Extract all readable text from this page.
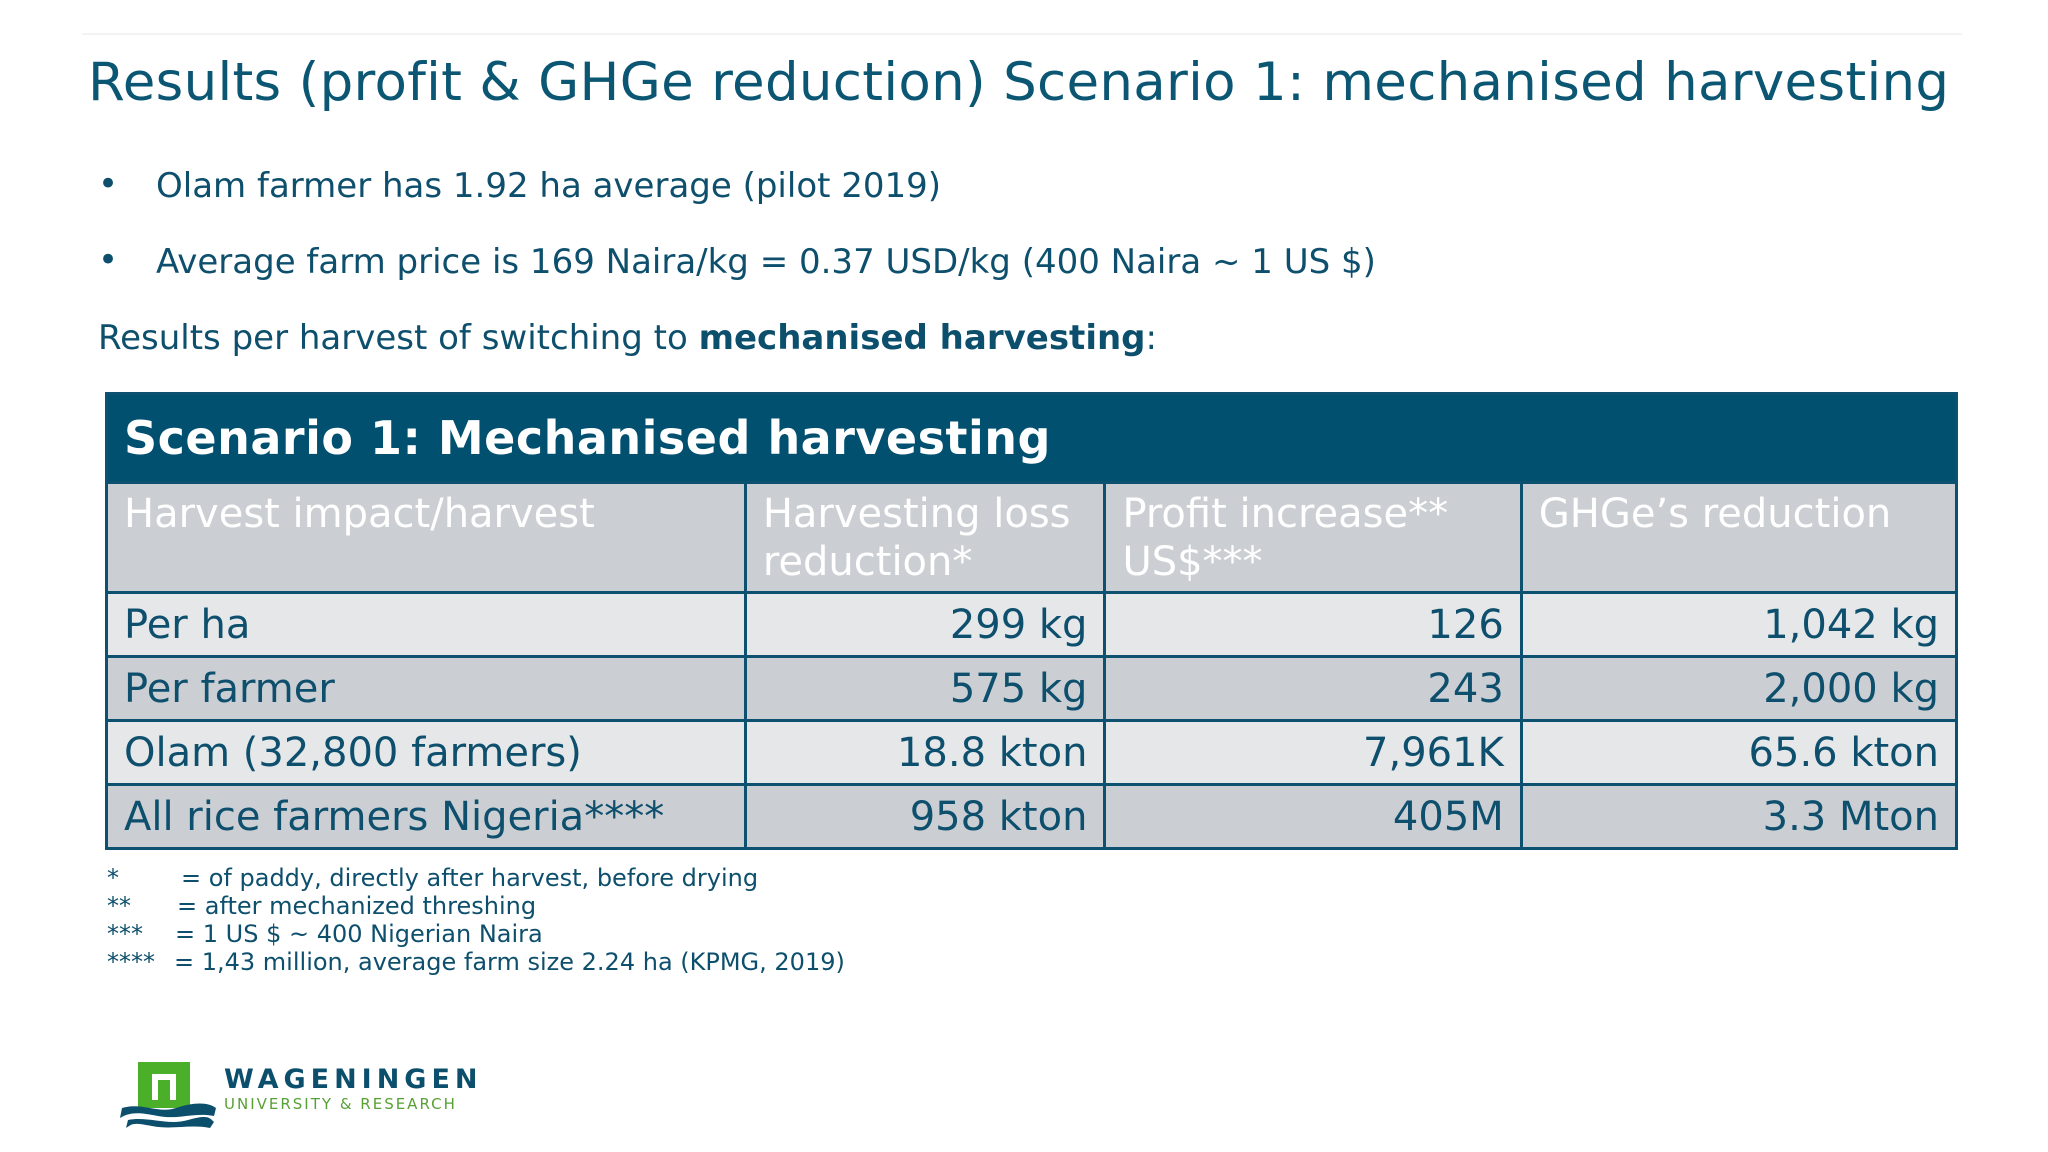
Results (profit & GHGe reduction) Scenario 1: mechanised harvesting
• Olam farmer has 1.92 ha average (pilot 2019)
• Average farm price is 169 Naira/kg = 0.37 USD/kg (400 Naira ~ 1 US $)
Results per harvest of switching to mechanised harvesting:
Scenario 1: Mechanised harvesting			
Harvest impact/harvest	Harvesting loss reduction*	Profit increase** US$***	GHGe’s reduction
Per ha	299 kg	126	1,042 kg
Per farmer	575 kg	243	2,000 kg
Olam (32,800 farmers)	18.8 kton	7,961K	65.6 kton
All rice farmers Nigeria****	958 kton	405M	3.3 Mton
*	= of paddy, directly after harvest, before drying
** = after mechanized threshing
*** = 1 US $ ~ 400 Nigerian Naira
**** = 1,43 million, average farm size 2.24 ha (KPMG, 2019)
WAGENINGEN
UNIVERSITY & RESEARCH
